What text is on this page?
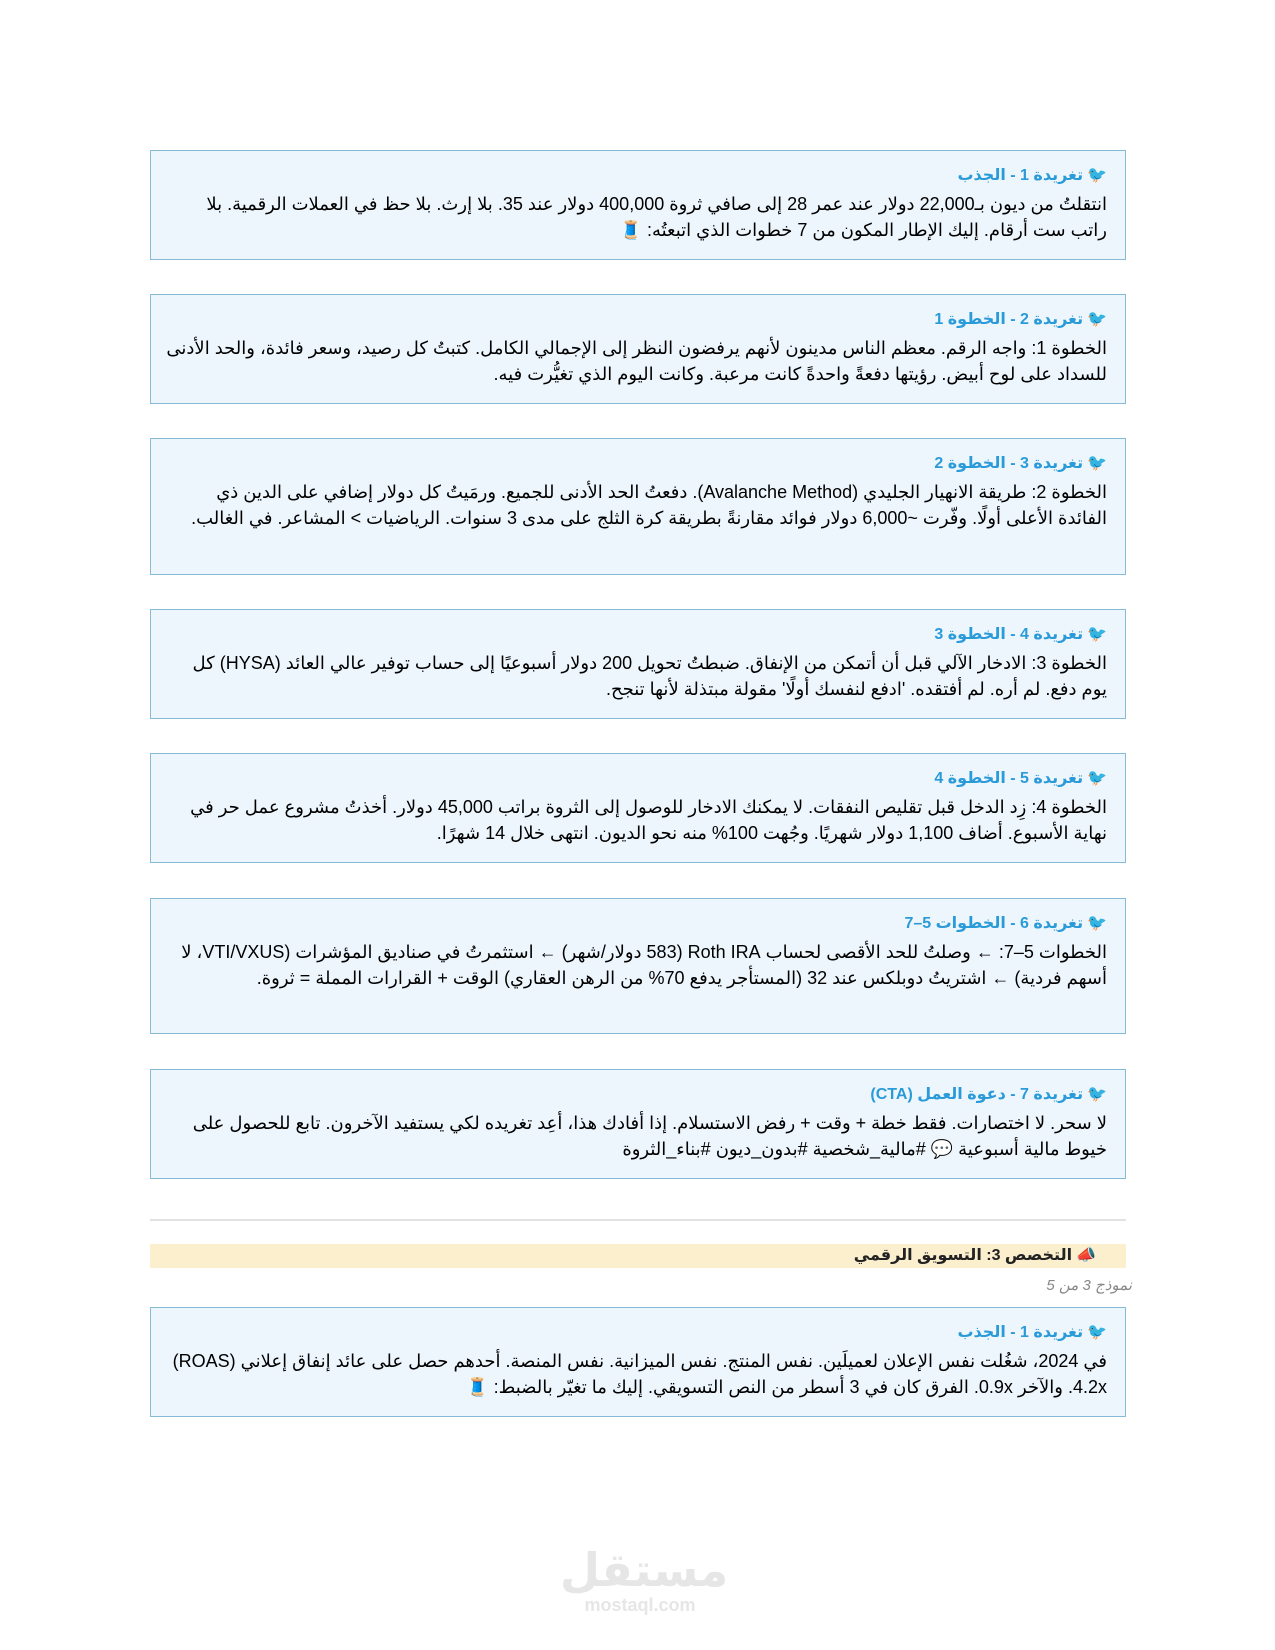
🐦تغريدة 1 - الجذب
انتقلتُ من ديون بـ22,000 دولار عند عمر 28 إلى صافي ثروة 400,000 دولار عند 35. بلا إرث. بلا حظ في العملات الرقمية. بلا راتب ست أرقام. إليك الإطار المكون من 7 خطوات الذي اتبعتُه: 🧵
🐦تغريدة 2 - الخطوة 1
الخطوة 1: واجه الرقم. معظم الناس مدينون لأنهم يرفضون النظر إلى الإجمالي الكامل. كتبتُ كل رصيد، وسعر فائدة، والحد الأدنى للسداد على لوح أبيض. رؤيتها دفعةً واحدةً كانت مرعبة. وكانت اليوم الذي تغيُّرت فيه.
🐦تغريدة 3 - الخطوة 2
الخطوة 2: طريقة الانهيار الجليدي (Avalanche Method). دفعتُ الحد الأدنى للجميع. ورمَيتُ كل دولار إضافي على الدين ذي الفائدة الأعلى أولًا. وفّرت ~6,000 دولار فوائد مقارنةً بطريقة كرة الثلج على مدى 3 سنوات. الرياضيات > المشاعر. في الغالب.
🐦تغريدة 4 - الخطوة 3
الخطوة 3: الادخار الآلي قبل أن أتمكن من الإنفاق. ضبطتُ تحويل 200 دولار أسبوعيًا إلى حساب توفير عالي العائد (HYSA) كل يوم دفع. لم أره. لم أفتقده. 'ادفع لنفسك أولًا' مقولة مبتذلة لأنها تنجح.
🐦تغريدة 5 - الخطوة 4
الخطوة 4: زِد الدخل قبل تقليص النفقات. لا يمكنك الادخار للوصول إلى الثروة براتب 45,000 دولار. أخذتُ مشروع عمل حر في نهاية الأسبوع. أضاف 1,100 دولار شهريًا. وجُهت 100% منه نحو الديون. انتهى خلال 14 شهرًا.
🐦تغريدة 6 - الخطوات 5–7
الخطوات 5–7: ← وصلتُ للحد الأقصى لحساب Roth IRA (583 دولار/شهر) ← استثمرتُ في صناديق المؤشرات (VTI/VXUS، لا أسهم فردية) ← اشتريتُ دوبلكس عند 32 (المستأجر يدفع 70% من الرهن العقاري) الوقت + القرارات المملة = ثروة.
🐦تغريدة 7 - دعوة العمل (CTA)
لا سحر. لا اختصارات. فقط خطة + وقت + رفض الاستسلام. إذا أفادك هذا، أعِد تغريده لكي يستفيد الآخرون. تابع للحصول على خيوط مالية أسبوعية 💬 #مالية_شخصية #بدون_ديون #بناء_الثروة
📣التخصص 3: التسويق الرقمي
نموذج 3 من 5
🐦تغريدة 1 - الجذب
في 2024، شغُلت نفس الإعلان لعميلَين. نفس المنتج. نفس الميزانية. نفس المنصة. أحدهم حصل على عائد إنفاق إعلاني (ROAS) 4.2x. والآخر 0.9x. الفرق كان في 3 أسطر من النص التسويقي. إليك ما تغيّر بالضبط: 🧵
مستقل
mostaql.com
